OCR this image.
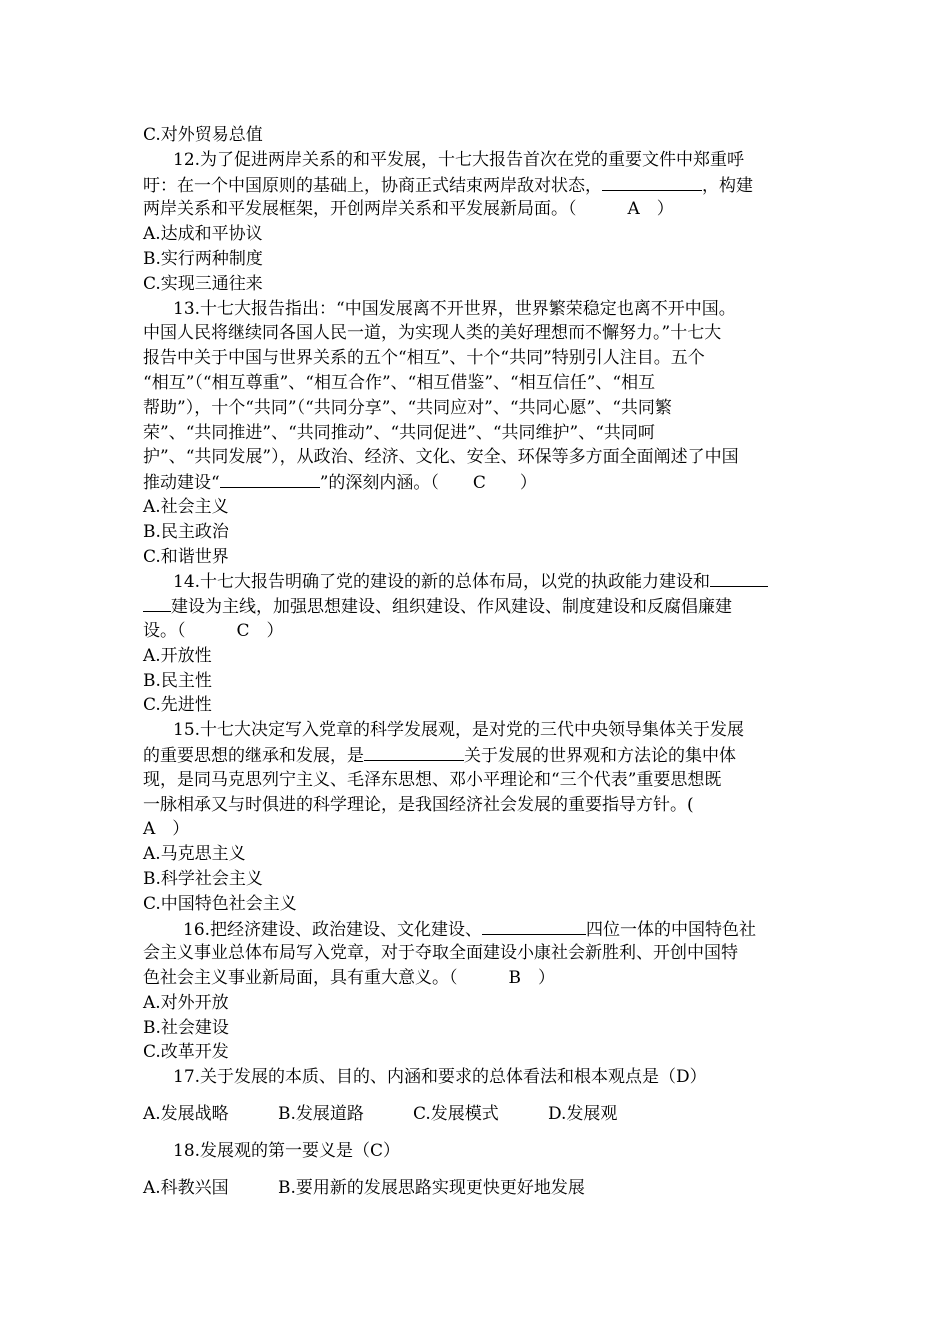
C.对外贸易总值
12.为了促进两岸关系的和平发展，十七大报告首次在党的重要文件中郑重呼
吁：在一个中国原则的基础上，协商正式结束两岸敌对状态，	，构建
两岸关系和平发展框架，开创两岸关系和平发展新局面。（　　　A　）
A.达成和平协议
B.实行两种制度
C.实现三通往来
13.十七大报告指出：“中国发展离不开世界，世界繁荣稳定也离不开中国。
中国人民将继续同各国人民一道，为实现人类的美好理想而不懈努力。”十七大
报告中关于中国与世界关系的五个“相互”、十个“共同”特别引人注目。五个
“相互”（“相互尊重”、“相互合作”、“相互借鉴”、“相互信任”、“相互
帮助”），十个“共同”（“共同分享”、“共同应对”、“共同心愿”、“共同繁
荣”、“共同推进”、“共同推动”、“共同促进”、“共同维护”、“共同呵
护”、“共同发展”），从政治、经济、文化、安全、环保等多方面全面阐述了中国
推动建设“	”的深刻内涵。（　　C　　）
A.社会主义
B.民主政治
C.和谐世界
14.十七大报告明确了党的建设的新的总体布局，以党的执政能力建设和
建设为主线，加强思想建设、组织建设、作风建设、制度建设和反腐倡廉建
设。（　　　C　）
A.开放性
B.民主性
C.先进性
15.十七大决定写入党章的科学发展观，是对党的三代中央领导集体关于发展
的重要思想的继承和发展，是	关于发展的世界观和方法论的集中体
现，是同马克思列宁主义、毛泽东思想、邓小平理论和“三个代表”重要思想既
一脉相承又与时俱进的科学理论，是我国经济社会发展的重要指导方针。(
A　）
A.马克思主义
B.科学社会主义
C.中国特色社会主义
16.把经济建设、政治建设、文化建设、	四位一体的中国特色社
会主义事业总体布局写入党章，对于夺取全面建设小康社会新胜利、开创中国特
色社会主义事业新局面，具有重大意义。（　　　B　）
A.对外开放
B.社会建设
C.改革开发
17.关于发展的本质、目的、内涵和要求的总体看法和根本观点是（D）
A.发展战略	B.发展道路	C.发展模式	D.发展观
18.发展观的第一要义是（C）
A.科教兴国	B.要用新的发展思路实现更快更好地发展
